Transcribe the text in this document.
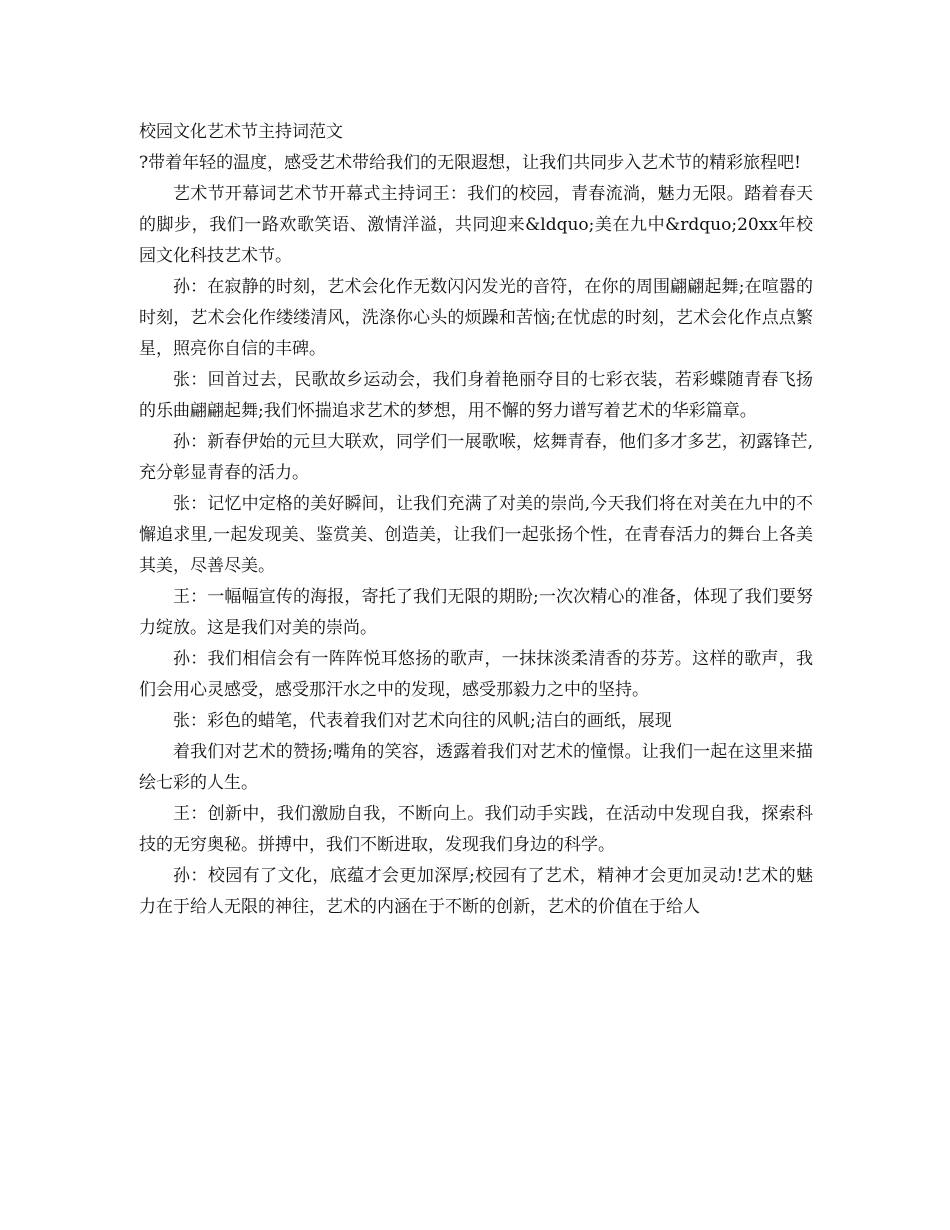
校园文化艺术节主持词范文

?带着年轻的温度，感受艺术带给我们的无限遐想，让我们共同步入艺术节的精彩旅程吧!

艺术节开幕词艺术节开幕式主持词王：我们的校园，青春流淌，魅力无限。踏着春天的脚步，我们一路欢歌笑语、激情洋溢，共同迎来&ldquo;美在九中&rdquo;20xx年校园文化科技艺术节。

孙：在寂静的时刻，艺术会化作无数闪闪发光的音符，在你的周围翩翩起舞;在喧嚣的时刻，艺术会化作缕缕清风，洗涤你心头的烦躁和苦恼;在忧虑的时刻，艺术会化作点点繁星，照亮你自信的丰碑。

张：回首过去，民歌故乡运动会，我们身着艳丽夺目的七彩衣装，若彩蝶随青春飞扬的乐曲翩翩起舞;我们怀揣追求艺术的梦想，用不懈的努力谱写着艺术的华彩篇章。

孙：新春伊始的元旦大联欢，同学们一展歌喉，炫舞青春，他们多才多艺，初露锋芒,充分彰显青春的活力。

张：记忆中定格的美好瞬间，让我们充满了对美的崇尚,今天我们将在对美在九中的不懈追求里,一起发现美、鉴赏美、创造美，让我们一起张扬个性，在青春活力的舞台上各美其美，尽善尽美。

王：一幅幅宣传的海报，寄托了我们无限的期盼;一次次精心的准备，体现了我们要努力绽放。这是我们对美的崇尚。

孙：我们相信会有一阵阵悦耳悠扬的歌声，一抹抹淡柔清香的芬芳。这样的歌声，我们会用心灵感受，感受那汗水之中的发现，感受那毅力之中的坚持。

张：彩色的蜡笔，代表着我们对艺术向往的风帆;洁白的画纸，展现

着我们对艺术的赞扬;嘴角的笑容，透露着我们对艺术的憧憬。让我们一起在这里来描绘七彩的人生。

王：创新中，我们激励自我，不断向上。我们动手实践，在活动中发现自我，探索科技的无穷奥秘。拼搏中，我们不断进取，发现我们身边的科学。

孙：校园有了文化，底蕴才会更加深厚;校园有了艺术，精神才会更加灵动!艺术的魅力在于给人无限的神往，艺术的内涵在于不断的创新，艺术的价值在于给人
